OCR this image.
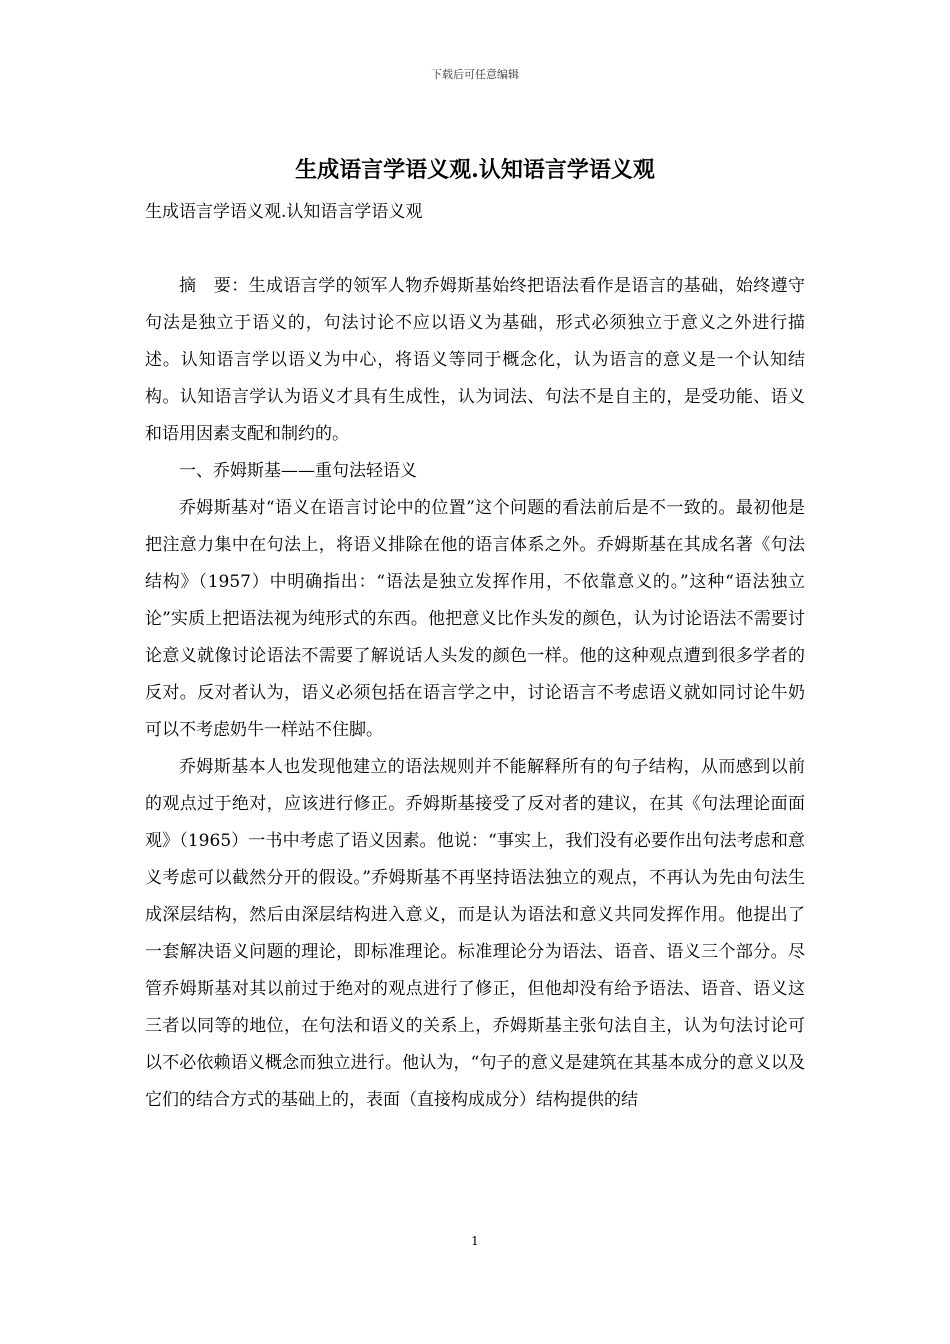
下载后可任意编辑
生成语言学语义观.认知语言学语义观

生成语言学语义观.认知语言学语义观

摘　要：生成语言学的领军人物乔姆斯基始终把语法看作是语言的基础，始终遵守句法是独立于语义的，句法讨论不应以语义为基础，形式必须独立于意义之外进行描述。认知语言学以语义为中心，将语义等同于概念化，认为语言的意义是一个认知结构。认知语言学认为语义才具有生成性，认为词法、句法不是自主的，是受功能、语义和语用因素支配和制约的。

一、乔姆斯基——重句法轻语义

乔姆斯基对“语义在语言讨论中的位置”这个问题的看法前后是不一致的。最初他是把注意力集中在句法上，将语义排除在他的语言体系之外。乔姆斯基在其成名著《句法结构》（1957）中明确指出：“语法是独立发挥作用，不依靠意义的。”这种“语法独立论”实质上把语法视为纯形式的东西。他把意义比作头发的颜色，认为讨论语法不需要讨论意义就像讨论语法不需要了解说话人头发的颜色一样。他的这种观点遭到很多学者的反对。反对者认为，语义必须包括在语言学之中，讨论语言不考虑语义就如同讨论牛奶可以不考虑奶牛一样站不住脚。

乔姆斯基本人也发现他建立的语法规则并不能解释所有的句子结构，从而感到以前的观点过于绝对，应该进行修正。乔姆斯基接受了反对者的建议，在其《句法理论面面观》（1965）一书中考虑了语义因素。他说：“事实上，我们没有必要作出句法考虑和意义考虑可以截然分开的假设。”乔姆斯基不再坚持语法独立的观点，不再认为先由句法生成深层结构，然后由深层结构进入意义，而是认为语法和意义共同发挥作用。他提出了一套解决语义问题的理论，即标准理论。标准理论分为语法、语音、语义三个部分。尽管乔姆斯基对其以前过于绝对的观点进行了修正，但他却没有给予语法、语音、语义这三者以同等的地位，在句法和语义的关系上，乔姆斯基主张句法自主，认为句法讨论可以不必依赖语义概念而独立进行。他认为，“句子的意义是建筑在其基本成分的意义以及它们的结合方式的基础上的，表面（直接构成成分）结构提供的结

1
